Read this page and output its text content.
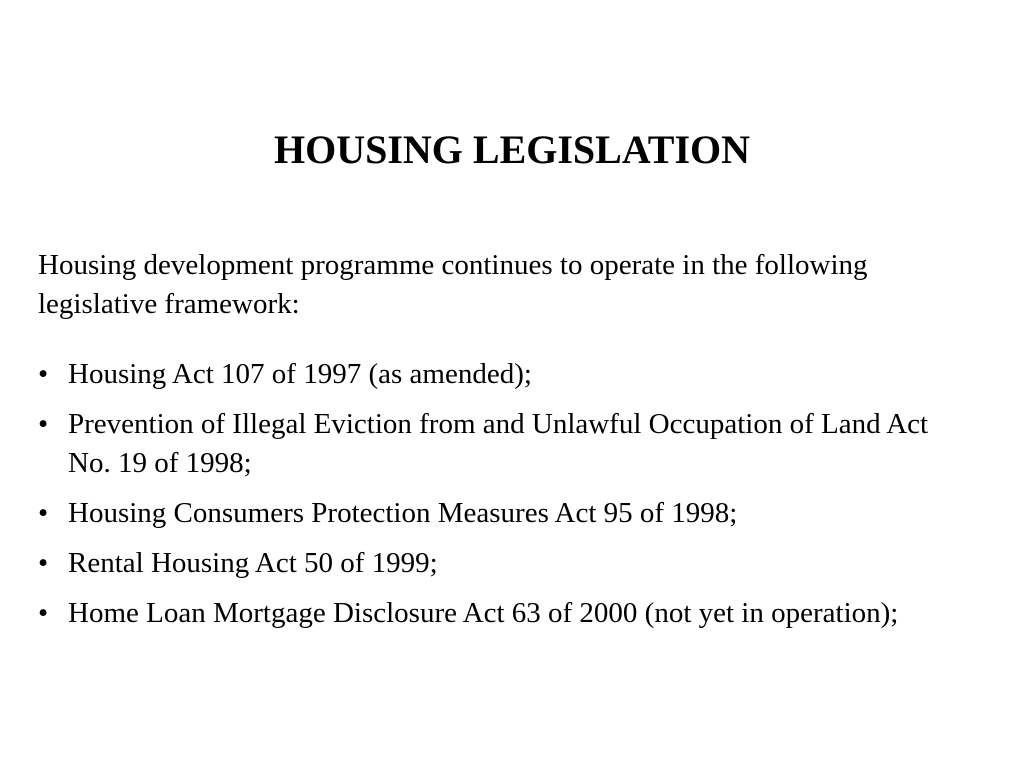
HOUSING LEGISLATION

Housing development programme continues to operate in the following legislative framework:

• Housing Act 107 of 1997 (as amended);
• Prevention of Illegal Eviction from and Unlawful Occupation of Land Act No. 19 of 1998;
• Housing Consumers Protection Measures Act 95 of 1998;
• Rental Housing Act 50 of 1999;
• Home Loan Mortgage Disclosure Act 63 of 2000 (not yet in operation);
